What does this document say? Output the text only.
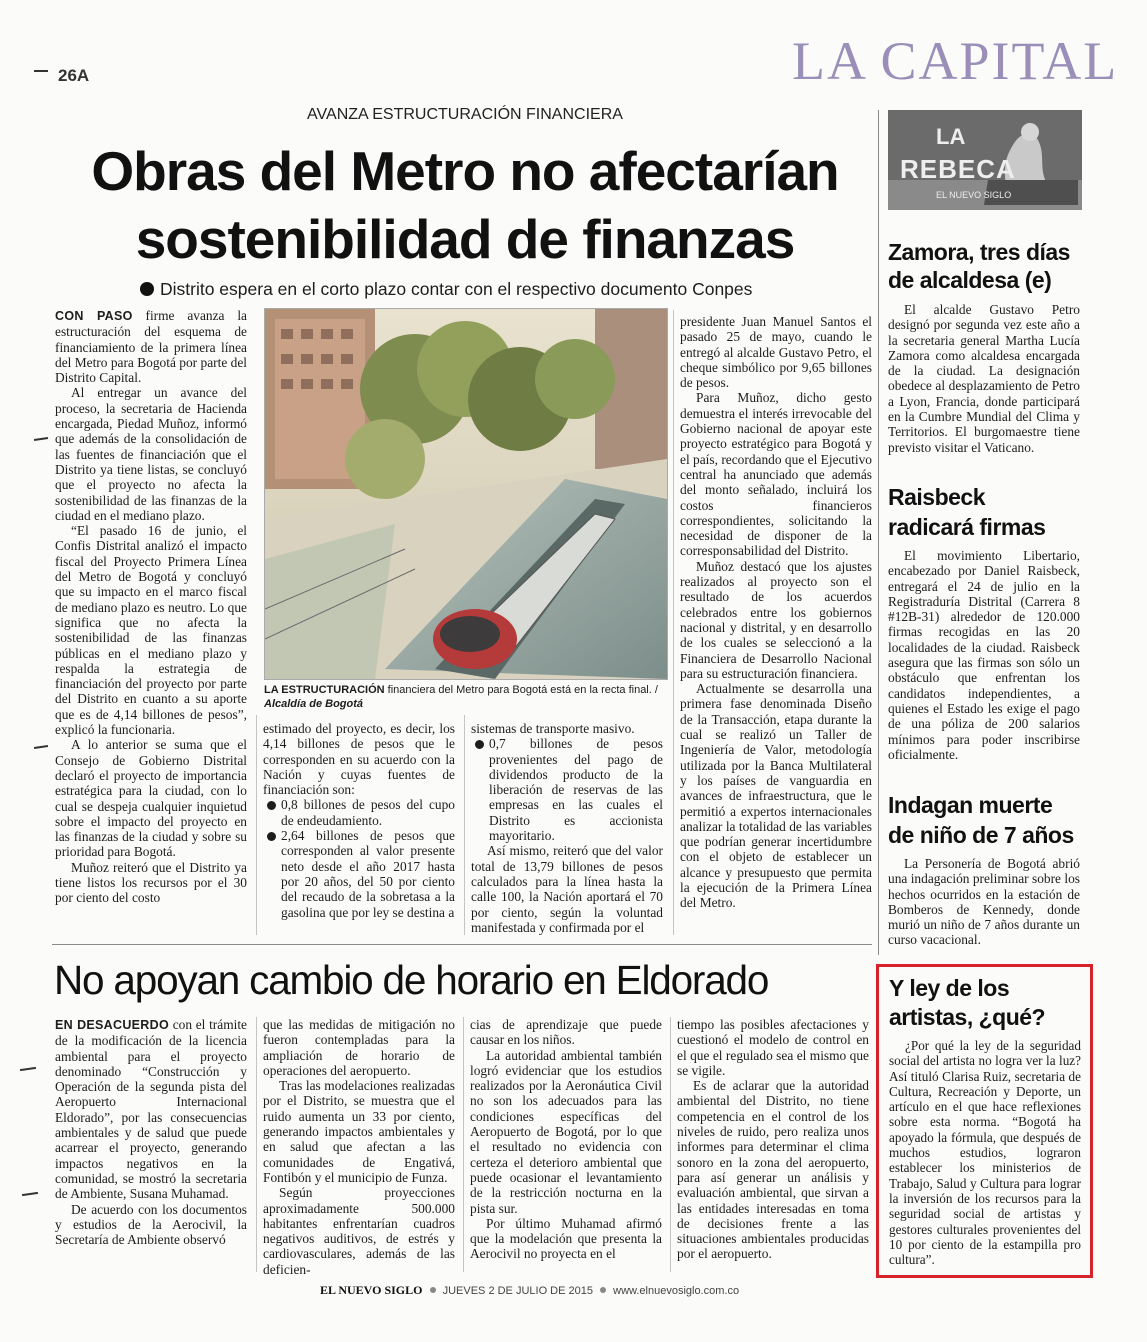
26A	LA CAPITAL
AVANZA ESTRUCTURACIÓN FINANCIERA
Obras del Metro no afectarían
sostenibilidad de finanzas
Distrito espera en el corto plazo contar con el respectivo documento Conpes

CON PASO firme avanza la estructuración del esquema de financiamiento de la primera línea del Metro para Bogotá por parte del Distrito Capital.

Al entregar un avance del proceso, la secretaria de Hacienda encargada, Piedad Muñoz, informó que además de la consolidación de las fuentes de financiación que el Distrito ya tiene listas, se concluyó que el proyecto no afecta la sostenibilidad de las finanzas de la ciudad en el mediano plazo.

“El pasado 16 de junio, el Confis Distrital analizó el impacto fiscal del Proyecto Primera Línea del Metro de Bogotá y concluyó que su impacto en el marco fiscal de mediano plazo es neutro. Lo que significa que no afecta la sostenibilidad de las finanzas públicas en el mediano plazo y respalda la estrategia de financiación del proyecto por parte del Distrito en cuanto a su aporte que es de 4,14 billones de pesos”, explicó la funcionaria.

A lo anterior se suma que el Consejo de Gobierno Distrital declaró el proyecto de importancia estratégica para la ciudad, con lo cual se despeja cualquier inquietud sobre el impacto del proyecto en las finanzas de la ciudad y sobre su prioridad para Bogotá.

Muñoz reiteró que el Distrito ya tiene listos los recursos por el 30 por ciento del costo

LA ESTRUCTURACIÓN financiera del Metro para Bogotá está en la recta final. /
Alcaldía de Bogotá

estimado del proyecto, es decir, los 4,14 billones de pesos que le corresponden en su acuerdo con la Nación y cuyas fuentes de financiación son:

0,8 billones de pesos del cupo de endeudamiento.

2,64 billones de pesos que corresponden al valor presente neto desde el año 2017 hasta por 20 años, del 50 por ciento del recaudo de la sobretasa a la gasolina que por ley se destina a

sistemas de transporte masivo.

0,7 billones de pesos provenientes del pago de dividendos producto de la liberación de reservas de las empresas en las cuales el Distrito es accionista mayoritario.

Así mismo, reiteró que del valor total de 13,79 billones de pesos calculados para la línea hasta la calle 100, la Nación aportará el 70 por ciento, según la voluntad manifestada y confirmada por el

presidente Juan Manuel Santos el pasado 25 de mayo, cuando le entregó al alcalde Gustavo Petro, el cheque simbólico por 9,65 billones de pesos.

Para Muñoz, dicho gesto demuestra el interés irrevocable del Gobierno nacional de apoyar este proyecto estratégico para Bogotá y el país, recordando que el Ejecutivo central ha anunciado que además del monto señalado, incluirá los costos financieros correspondientes, solicitando la necesidad de disponer de la corresponsabilidad del Distrito.

Muñoz destacó que los ajustes realizados al proyecto son el resultado de los acuerdos celebrados entre los gobiernos nacional y distrital, y en desarrollo de los cuales se seleccionó a la Financiera de Desarrollo Nacional para su estructuración financiera.

Actualmente se desarrolla una primera fase denominada Diseño de la Transacción, etapa durante la cual se realizó un Taller de Ingeniería de Valor, metodología utilizada por la Banca Multilateral y los países de vanguardia en avances de infraestructura, que le permitió a expertos internacionales analizar la totalidad de las variables que podrían generar incertidumbre con el objeto de establecer un alcance y presupuesto que permita la ejecución de la Primera Línea del Metro.

LA
REBECA
EL NUEVO SIGLO
Zamora, tres días
de alcaldesa (e)

El alcalde Gustavo Petro designó por segunda vez este año a la secretaria general Martha Lucía Zamora como alcaldesa encargada de la ciudad. La designación obedece al desplazamiento de Petro a Lyon, Francia, donde participará en la Cumbre Mundial del Clima y Territorios. El burgomaestre tiene previsto visitar el Vaticano.

Raisbeck
radicará firmas

El movimiento Libertario, encabezado por Daniel Raisbeck, entregará el 24 de julio en la Registraduría Distrital (Carrera 8 #12B-31) alrededor de 120.000 firmas recogidas en las 20 localidades de la ciudad. Raisbeck asegura que las firmas son sólo un obstáculo que enfrentan los candidatos independientes, a quienes el Estado les exige el pago de una póliza de 200 salarios mínimos para poder inscribirse oficialmente.

Indagan muerte
de niño de 7 años

La Personería de Bogotá abrió una indagación preliminar sobre los hechos ocurridos en la estación de Bomberos de Kennedy, donde murió un niño de 7 años durante un curso vacacional.

Y ley de los
artistas, ¿qué?

¿Por qué la ley de la seguridad social del artista no logra ver la luz? Así tituló Clarisa Ruiz, secretaria de Cultura, Recreación y Deporte, un artículo en el que hace reflexiones sobre esta norma. “Bogotá ha apoyado la fórmula, que después de muchos estudios, lograron establecer los ministerios de Trabajo, Salud y Cultura para lograr la inversión de los recursos para la seguridad social de artistas y gestores culturales provenientes del 10 por ciento de la estampilla pro cultura”.

No apoyan cambio de horario en Eldorado

EN DESACUERDO con el trámite de la modificación de la licencia ambiental para el proyecto denominado “Construcción y Operación de la segunda pista del Aeropuerto Internacional Eldorado”, por las consecuencias ambientales y de salud que puede acarrear el proyecto, generando impactos negativos en la comunidad, se mostró la secretaria de Ambiente, Susana Muhamad.

De acuerdo con los documentos y estudios de la Aerocivil, la Secretaría de Ambiente observó

que las medidas de mitigación no fueron contempladas para la ampliación de horario de operaciones del aeropuerto.

Tras las modelaciones realizadas por el Distrito, se muestra que el ruido aumenta un 33 por ciento, generando impactos ambientales y en salud que afectan a las comunidades de Engativá, Fontibón y el municipio de Funza.

Según proyecciones aproximadamente 500.000 habitantes enfrentarían cuadros negativos auditivos, de estrés y cardiovasculares, además de las deficien-

cias de aprendizaje que puede causar en los niños.

La autoridad ambiental también logró evidenciar que los estudios realizados por la Aeronáutica Civil no son los adecuados para las condiciones específicas del Aeropuerto de Bogotá, por lo que el resultado no evidencia con certeza el deterioro ambiental que puede ocasionar el levantamiento de la restricción nocturna en la pista sur.

Por último Muhamad afirmó que la modelación que presenta la Aerocivil no proyecta en el

tiempo las posibles afectaciones y cuestionó el modelo de control en el que el regulado sea el mismo que se vigile.

Es de aclarar que la autoridad ambiental del Distrito, no tiene competencia en el control de los niveles de ruido, pero realiza unos informes para determinar el clima sonoro en la zona del aeropuerto, para así generar un análisis y evaluación ambiental, que sirvan a las entidades interesadas en toma de decisiones frente a las situaciones ambientales producidas por el aeropuerto.

EL NUEVO SIGLO JUEVES 2 DE JULIO DE 2015 www.elnuevosiglo.com.co
